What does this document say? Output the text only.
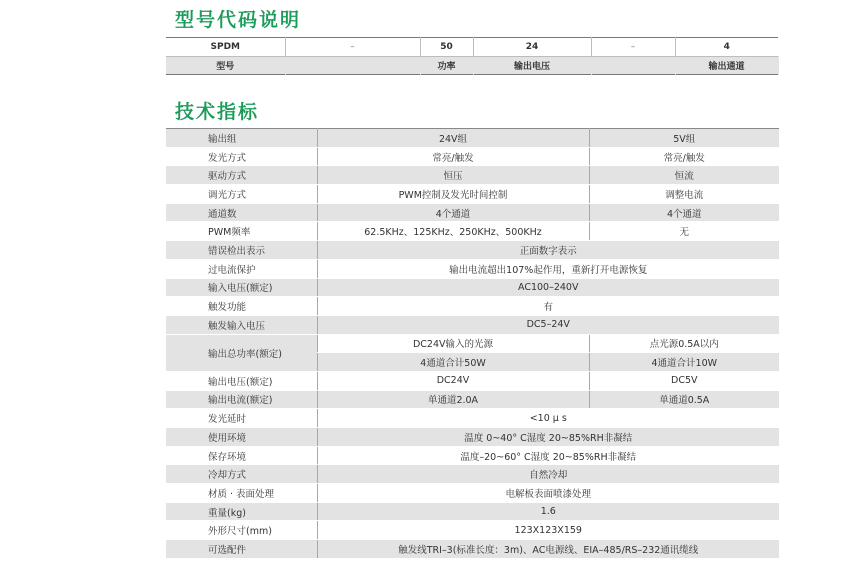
型号代码说明
SPDM	–	50	24	–	4
型号		功率	输出电压		输出通道
技术指标
输出组	24V组	5V组
发光方式	常亮/触发	常亮/触发
驱动方式	恒压	恒流
调光方式	PWM控制及发光时间控制	调整电流
通道数	4个通道	4个通道
PWM频率	62.5KHz、125KHz、250KHz、500KHz	无
错误检出表示	正面数字表示	
过电流保护	输出电流超出107%起作用，重新打开电源恢复	
输入电压(额定)	AC100–240V	
触发功能	有	
触发输入电压	DC5–24V	
输出总功率(额定)	DC24V输入的光源	点光源0.5A以内
	4通道合计50W	4通道合计10W
输出电压(额定)	DC24V	DC5V
输出电流(额定)	单通道2.0A	单通道0.5A
发光延时	<10 μ s	
使用环境	温度 0~40° C湿度 20~85%RH非凝结	
保存环境	温度–20~60° C湿度 20~85%RH非凝结	
冷却方式	自然冷却	
材质 · 表面处理	电解板表面喷漆处理	
重量(kg)	1.6	
外形尺寸(mm)	123X123X159	
可选配件	触发线TRI–3(标准长度：3m)、AC电源线、EIA–485/RS–232通讯缆线	
